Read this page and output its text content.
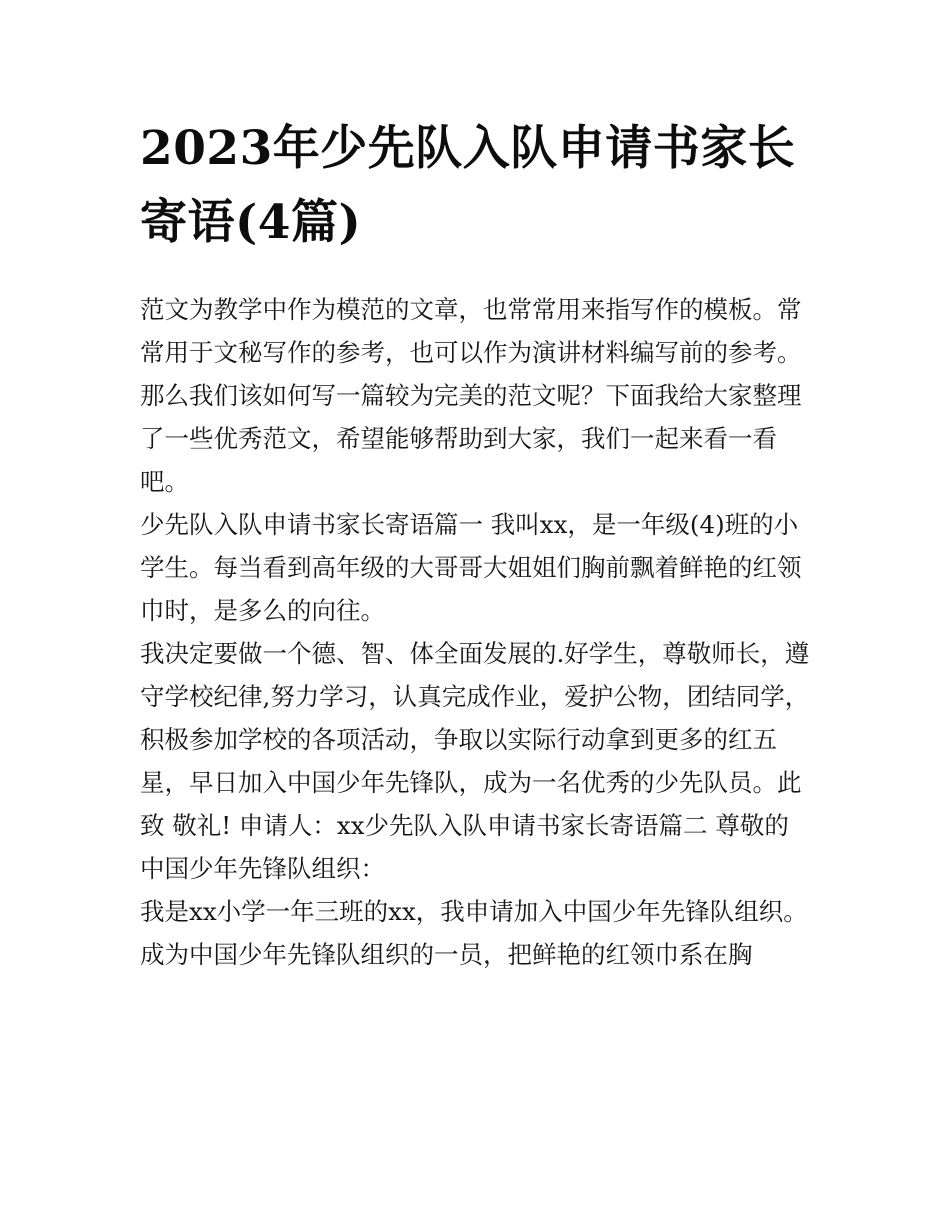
2023年少先队入队申请书家长寄语(4篇)

范文为教学中作为模范的文章，也常常用来指写作的模板。常常用于文秘写作的参考，也可以作为演讲材料编写前的参考。那么我们该如何写一篇较为完美的范文呢？下面我给大家整理了一些优秀范文，希望能够帮助到大家，我们一起来看一看吧。

少先队入队申请书家长寄语篇一 我叫xx，是一年级(4)班的小学生。每当看到高年级的大哥哥大姐姐们胸前飘着鲜艳的红领巾时，是多么的向往。

我决定要做一个德、智、体全面发展的.好学生，尊敬师长，遵守学校纪律,努力学习，认真完成作业，爱护公物，团结同学，积极参加学校的各项活动，争取以实际行动拿到更多的红五星，早日加入中国少年先锋队，成为一名优秀的少先队员。此致 敬礼! 申请人：xx少先队入队申请书家长寄语篇二 尊敬的中国少年先锋队组织：

我是xx小学一年三班的xx，我申请加入中国少年先锋队组织。成为中国少年先锋队组织的一员，把鲜艳的红领巾系在胸
